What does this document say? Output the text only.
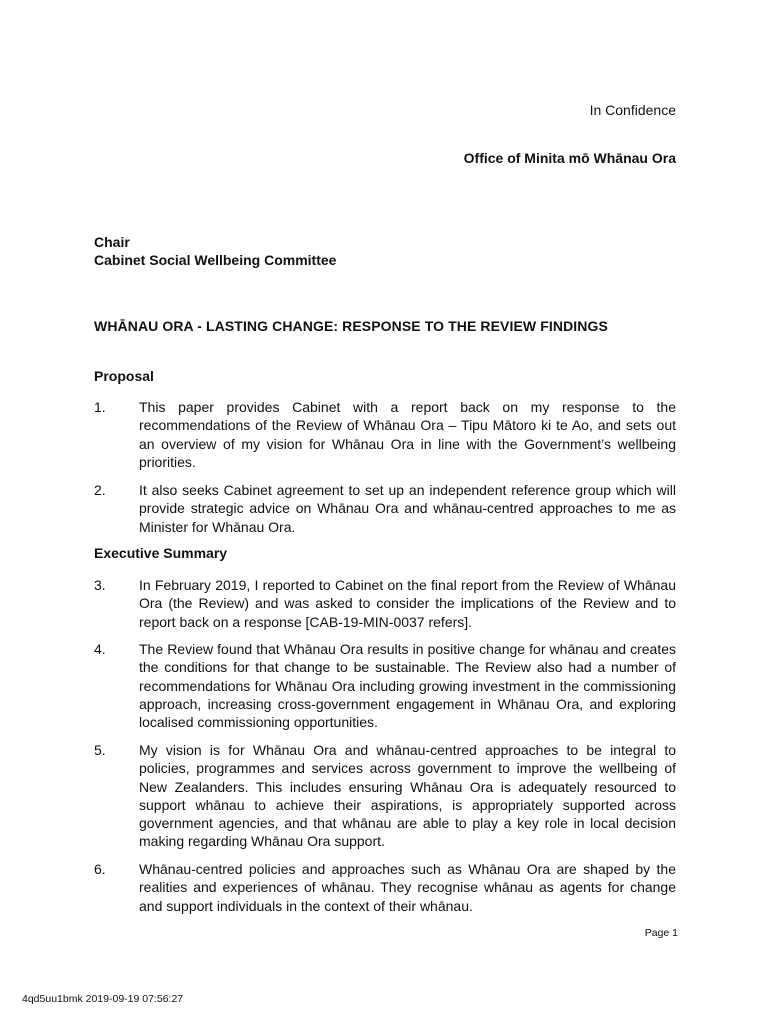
In Confidence
Office of Minita mō Whānau Ora
Chair
Cabinet Social Wellbeing Committee
WHĀNAU ORA - LASTING CHANGE: RESPONSE TO THE REVIEW FINDINGS
Proposal
1. This paper provides Cabinet with a report back on my response to the recommendations of the Review of Whānau Ora – Tipu Mātoro ki te Ao, and sets out an overview of my vision for Whānau Ora in line with the Government’s wellbeing priorities.
2. It also seeks Cabinet agreement to set up an independent reference group which will provide strategic advice on Whānau Ora and whānau-centred approaches to me as Minister for Whānau Ora.
Executive Summary
3. In February 2019, I reported to Cabinet on the final report from the Review of Whānau Ora (the Review) and was asked to consider the implications of the Review and to report back on a response [CAB-19-MIN-0037 refers].
4. The Review found that Whānau Ora results in positive change for whānau and creates the conditions for that change to be sustainable. The Review also had a number of recommendations for Whānau Ora including growing investment in the commissioning approach, increasing cross-government engagement in Whānau Ora, and exploring localised commissioning opportunities.
5. My vision is for Whānau Ora and whānau-centred approaches to be integral to policies, programmes and services across government to improve the wellbeing of New Zealanders. This includes ensuring Whānau Ora is adequately resourced to support whānau to achieve their aspirations, is appropriately supported across government agencies, and that whānau are able to play a key role in local decision making regarding Whānau Ora support.
6. Whānau-centred policies and approaches such as Whānau Ora are shaped by the realities and experiences of whānau. They recognise whānau as agents for change and support individuals in the context of their whānau.
Page 1
4qd5uu1bmk 2019-09-19 07:56:27
